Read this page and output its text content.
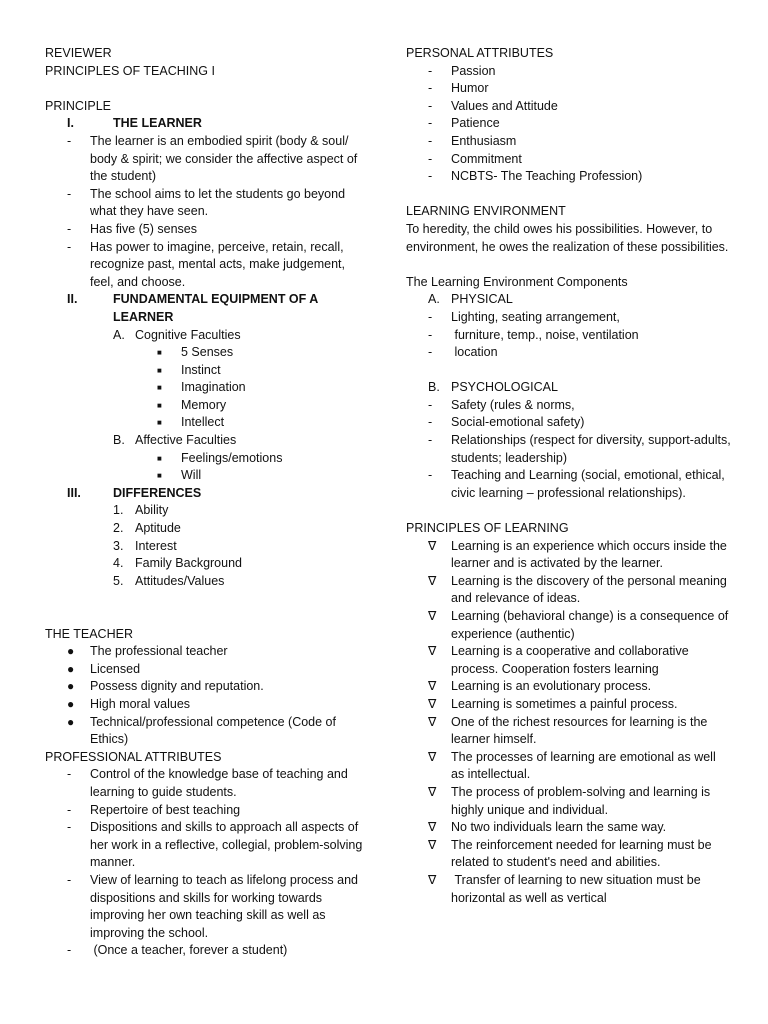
REVIEWER
PRINCIPLES OF TEACHING I
PRINCIPLE
I.	THE LEARNER
- The learner is an embodied spirit (body & soul/ body & spirit; we consider the affective aspect of the student)
- The school aims to let the students go beyond what they have seen.
- Has five (5) senses
- Has power to imagine, perceive, retain, recall, recognize past, mental acts, make judgement, feel, and choose.
II.	FUNDAMENTAL EQUIPMENT OF A LEARNER
A. Cognitive Faculties
■ 5 Senses
■ Instinct
■ Imagination
■ Memory
■ Intellect
B. Affective Faculties
■ Feelings/emotions
■ Will
III.	DIFFERENCES
1. Ability
2. Aptitude
3. Interest
4. Family Background
5. Attitudes/Values
THE TEACHER
● The professional teacher
● Licensed
● Possess dignity and reputation.
● High moral values
● Technical/professional competence (Code of Ethics)
PROFESSIONAL ATTRIBUTES
- Control of the knowledge base of teaching and learning to guide students.
- Repertoire of best teaching
- Dispositions and skills to approach all aspects of her work in a reflective, collegial, problem-solving manner.
- View of learning to teach as lifelong process and dispositions and skills for working towards improving her own teaching skill as well as improving the school.
- (Once a teacher, forever a student)
PERSONAL ATTRIBUTES
- Passion
- Humor
- Values and Attitude
- Patience
- Enthusiasm
- Commitment
- NCBTS- The Teaching Profession)
LEARNING ENVIRONMENT
To heredity, the child owes his possibilities. However, to environment, he owes the realization of these possibilities.
The Learning Environment Components
A. PHYSICAL
- Lighting, seating arrangement,
- furniture, temp., noise, ventilation
- location
B. PSYCHOLOGICAL
- Safety (rules & norms,
- Social-emotional safety)
- Relationships (respect for diversity, support-adults, students; leadership)
- Teaching and Learning (social, emotional, ethical, civic learning – professional relationships).
PRINCIPLES OF LEARNING
∇ Learning is an experience which occurs inside the learner and is activated by the learner.
∇ Learning is the discovery of the personal meaning and relevance of ideas.
∇ Learning (behavioral change) is a consequence of experience (authentic)
∇ Learning is a cooperative and collaborative process. Cooperation fosters learning
∇ Learning is an evolutionary process.
∇ Learning is sometimes a painful process.
∇ One of the richest resources for learning is the learner himself.
∇ The processes of learning are emotional as well as intellectual.
∇ The process of problem-solving and learning is highly unique and individual.
∇ No two individuals learn the same way.
∇ The reinforcement needed for learning must be related to student's need and abilities.
∇ Transfer of learning to new situation must be horizontal as well as vertical
